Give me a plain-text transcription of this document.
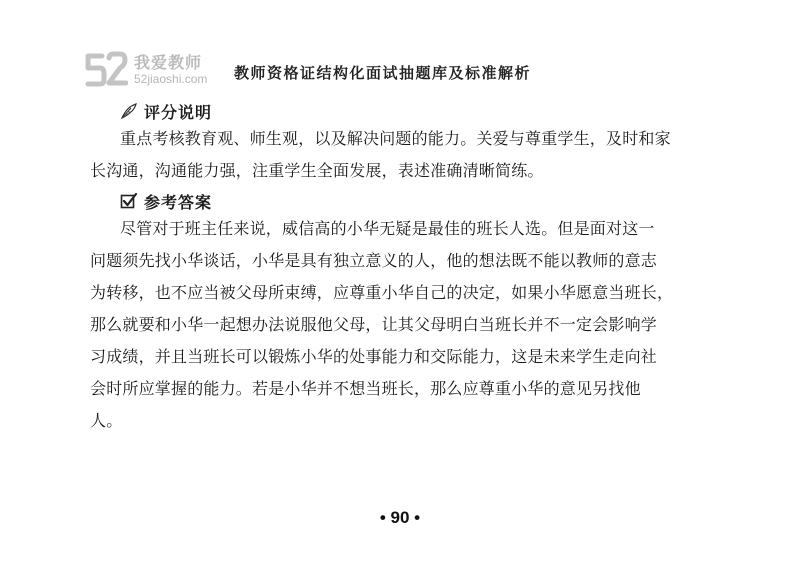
我爱教师
52jiaoshi.com 教师资格证结构化面试抽题库及标准解析
评分说明
重点考核教育观、师生观，以及解决问题的能力。关爱与尊重学生，及时和家
长沟通，沟通能力强，注重学生全面发展，表述准确清晰简练。
参考答案
尽管对于班主任来说，威信高的小华无疑是最佳的班长人选。但是面对这一
问题须先找小华谈话，小华是具有独立意义的人，他的想法既不能以教师的意志
为转移，也不应当被父母所束缚，应尊重小华自己的决定，如果小华愿意当班长，
那么就要和小华一起想办法说服他父母，让其父母明白当班长并不一定会影响学
习成绩，并且当班长可以锻炼小华的处事能力和交际能力，这是未来学生走向社
会时所应掌握的能力。若是小华并不想当班长，那么应尊重小华的意见另找他
人。
• 90 •
